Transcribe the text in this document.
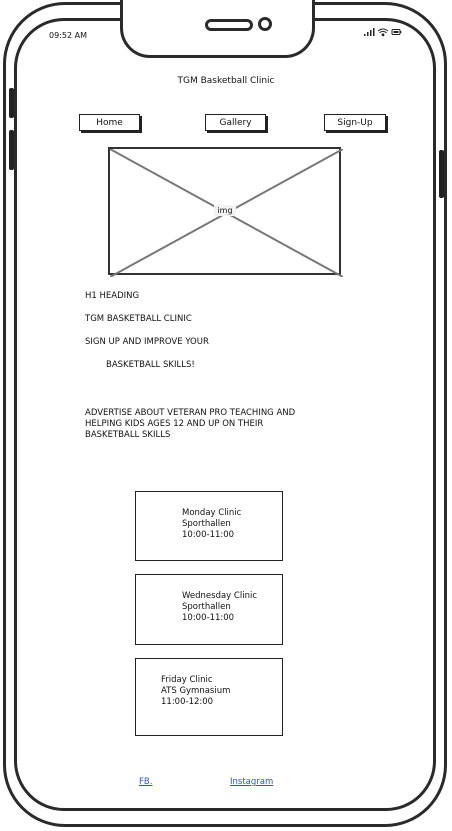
09:52 AM
TGM Basketball Clinic
Home	Gallery	Sign-Up
img
H1 HEADING
TGM BASKETBALL CLINIC
SIGN UP AND IMPROVE YOUR
BASKETBALL SKILLS!
ADVERTISE ABOUT VETERAN PRO TEACHING AND
HELPING KIDS AGES 12 AND UP ON THEIR
BASKETBALL SKILLS
Monday Clinic
Sporthallen
10:00-11:00
Wednesday Clinic
Sporthallen
10:00-11:00
Friday Clinic
ATS Gymnasium
11:00-12:00
FB.	Instagram
